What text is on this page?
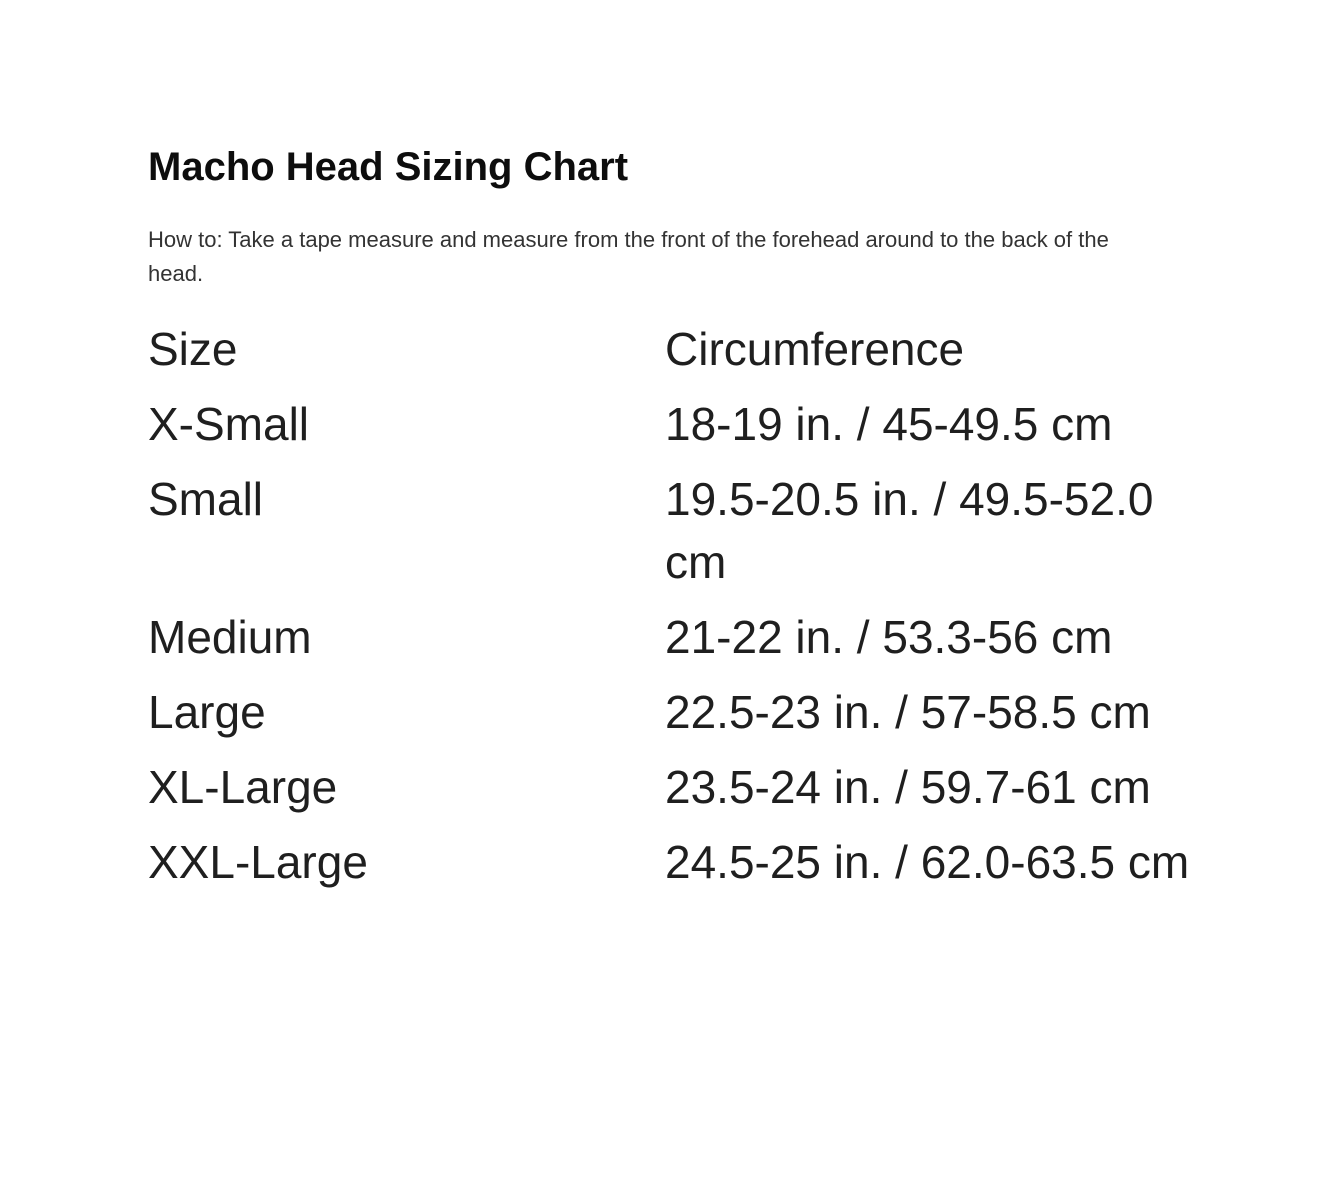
Macho Head Sizing Chart

How to: Take a tape measure and measure from the front of the forehead around to the back of the head.

Size	Circumference
X-Small	18-19 in. / 45-49.5 cm
Small	19.5-20.5 in. / 49.5-52.0 cm
Medium	21-22 in. / 53.3-56 cm
Large	22.5-23 in. / 57-58.5 cm
XL-Large	23.5-24 in. / 59.7-61 cm
XXL-Large	24.5-25 in. / 62.0-63.5 cm
